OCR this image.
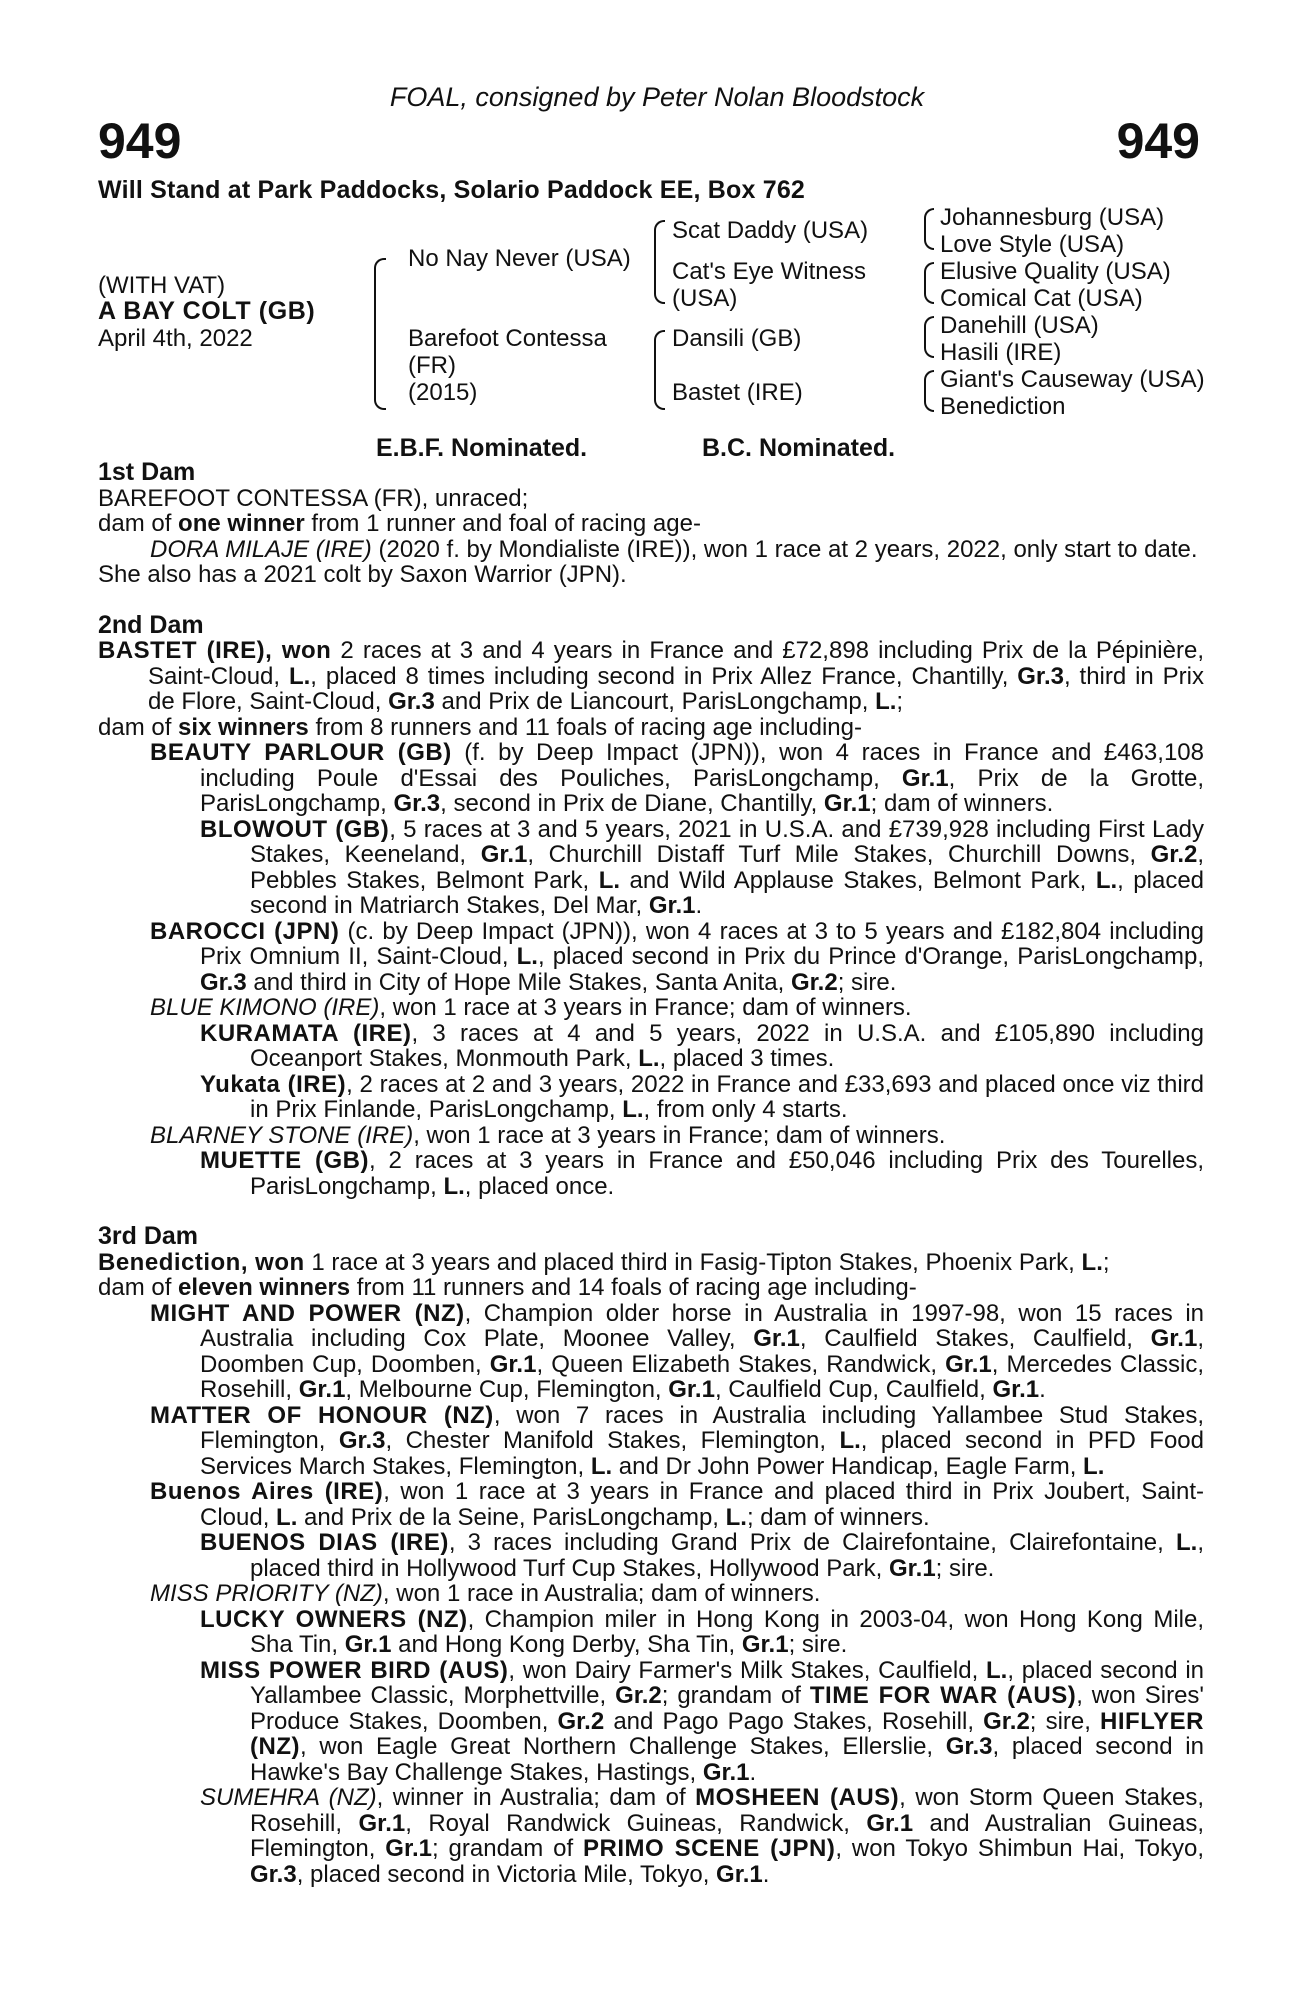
FOAL, consigned by Peter Nolan Bloodstock
949	949
Will Stand at Park Paddocks, Solario Paddock EE, Box 762
(WITH VAT)
A BAY COLT (GB)
April 4th, 2022
No Nay Never (USA)
Barefoot Contessa
(FR)
(2015)
Scat Daddy (USA)
Cat's Eye Witness
(USA)
Dansili (GB)
Bastet (IRE)
Johannesburg (USA)
Love Style (USA)
Elusive Quality (USA)
Comical Cat (USA)
Danehill (USA)
Hasili (IRE)
Giant's Causeway (USA)
Benediction
E.B.F. Nominated.	B.C. Nominated.
1st Dam
BAREFOOT CONTESSA (FR), unraced;
dam of one winner from 1 runner and foal of racing age-
DORA MILAJE (IRE) (2020 f. by Mondialiste (IRE)), won 1 race at 2 years, 2022, only start to date.
She also has a 2021 colt by Saxon Warrior (JPN).
2nd Dam
BASTET (IRE), won 2 races at 3 and 4 years in France and £72,898 including Prix de la Pépinière, Saint-Cloud, L., placed 8 times including second in Prix Allez France, Chantilly, Gr.3, third in Prix de Flore, Saint-Cloud, Gr.3 and Prix de Liancourt, ParisLongchamp, L.;
dam of six winners from 8 runners and 11 foals of racing age including-
BEAUTY PARLOUR (GB) (f. by Deep Impact (JPN)), won 4 races in France and £463,108 including Poule d'Essai des Pouliches, ParisLongchamp, Gr.1, Prix de la Grotte, ParisLongchamp, Gr.3, second in Prix de Diane, Chantilly, Gr.1; dam of winners.
BLOWOUT (GB), 5 races at 3 and 5 years, 2021 in U.S.A. and £739,928 including First Lady Stakes, Keeneland, Gr.1, Churchill Distaff Turf Mile Stakes, Churchill Downs, Gr.2, Pebbles Stakes, Belmont Park, L. and Wild Applause Stakes, Belmont Park, L., placed second in Matriarch Stakes, Del Mar, Gr.1.
BAROCCI (JPN) (c. by Deep Impact (JPN)), won 4 races at 3 to 5 years and £182,804 including Prix Omnium II, Saint-Cloud, L., placed second in Prix du Prince d'Orange, ParisLongchamp, Gr.3 and third in City of Hope Mile Stakes, Santa Anita, Gr.2; sire.
BLUE KIMONO (IRE), won 1 race at 3 years in France; dam of winners.
KURAMATA (IRE), 3 races at 4 and 5 years, 2022 in U.S.A. and £105,890 including Oceanport Stakes, Monmouth Park, L., placed 3 times.
Yukata (IRE), 2 races at 2 and 3 years, 2022 in France and £33,693 and placed once viz third in Prix Finlande, ParisLongchamp, L., from only 4 starts.
BLARNEY STONE (IRE), won 1 race at 3 years in France; dam of winners.
MUETTE (GB), 2 races at 3 years in France and £50,046 including Prix des Tourelles, ParisLongchamp, L., placed once.
3rd Dam
Benediction, won 1 race at 3 years and placed third in Fasig-Tipton Stakes, Phoenix Park, L.;
dam of eleven winners from 11 runners and 14 foals of racing age including-
MIGHT AND POWER (NZ), Champion older horse in Australia in 1997-98, won 15 races in Australia including Cox Plate, Moonee Valley, Gr.1, Caulfield Stakes, Caulfield, Gr.1, Doomben Cup, Doomben, Gr.1, Queen Elizabeth Stakes, Randwick, Gr.1, Mercedes Classic, Rosehill, Gr.1, Melbourne Cup, Flemington, Gr.1, Caulfield Cup, Caulfield, Gr.1.
MATTER OF HONOUR (NZ), won 7 races in Australia including Yallambee Stud Stakes, Flemington, Gr.3, Chester Manifold Stakes, Flemington, L., placed second in PFD Food Services March Stakes, Flemington, L. and Dr John Power Handicap, Eagle Farm, L.
Buenos Aires (IRE), won 1 race at 3 years in France and placed third in Prix Joubert, Saint-Cloud, L. and Prix de la Seine, ParisLongchamp, L.; dam of winners.
BUENOS DIAS (IRE), 3 races including Grand Prix de Clairefontaine, Clairefontaine, L., placed third in Hollywood Turf Cup Stakes, Hollywood Park, Gr.1; sire.
MISS PRIORITY (NZ), won 1 race in Australia; dam of winners.
LUCKY OWNERS (NZ), Champion miler in Hong Kong in 2003-04, won Hong Kong Mile, Sha Tin, Gr.1 and Hong Kong Derby, Sha Tin, Gr.1; sire.
MISS POWER BIRD (AUS), won Dairy Farmer's Milk Stakes, Caulfield, L., placed second in Yallambee Classic, Morphettville, Gr.2; grandam of TIME FOR WAR (AUS), won Sires' Produce Stakes, Doomben, Gr.2 and Pago Pago Stakes, Rosehill, Gr.2; sire, HIFLYER (NZ), won Eagle Great Northern Challenge Stakes, Ellerslie, Gr.3, placed second in Hawke's Bay Challenge Stakes, Hastings, Gr.1.
SUMEHRA (NZ), winner in Australia; dam of MOSHEEN (AUS), won Storm Queen Stakes, Rosehill, Gr.1, Royal Randwick Guineas, Randwick, Gr.1 and Australian Guineas, Flemington, Gr.1; grandam of PRIMO SCENE (JPN), won Tokyo Shimbun Hai, Tokyo, Gr.3, placed second in Victoria Mile, Tokyo, Gr.1.
